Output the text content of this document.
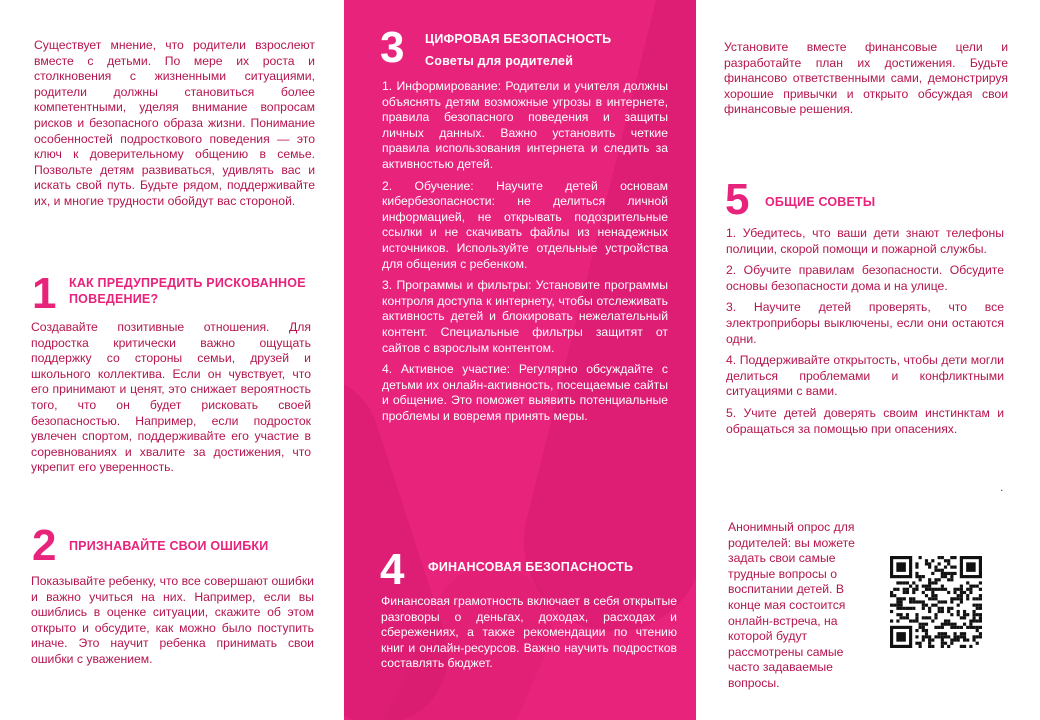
Существует мнение, что родители взрослеют вместе с детьми. По мере их роста и столкновения с жизненными ситуациями, родители должны становиться более компетентными, уделяя внимание вопросам рисков и безопасного образа жизни. Понимание особенностей подросткового поведения — это ключ к доверительному общению в семье. Позвольте детям развиваться, удивлять вас и искать свой путь. Будьте рядом, поддерживайте их, и многие трудности обойдут вас стороной.

1 КАК ПРЕДУПРЕДИТЬ РИСКОВАННОЕ ПОВЕДЕНИЕ?

Создавайте позитивные отношения. Для подростка критически важно ощущать поддержку со стороны семьи, друзей и школьного коллектива. Если он чувствует, что его принимают и ценят, это снижает вероятность того, что он будет рисковать своей безопасностью. Например, если подросток увлечен спортом, поддерживайте его участие в соревнованиях и хвалите за достижения, что укрепит его уверенность.

2 ПРИЗНАВАЙТЕ СВОИ ОШИБКИ

Показывайте ребенку, что все совершают ошибки и важно учиться на них. Например, если вы ошиблись в оценке ситуации, скажите об этом открыто и обсудите, как можно было поступить иначе. Это научит ребенка принимать свои ошибки с уважением.

3 ЦИФРОВАЯ БЕЗОПАСНОСТЬ
Советы для родителей

1. Информирование: Родители и учителя должны объяснять детям возможные угрозы в интернете, правила безопасного поведения и защиты личных данных. Важно установить четкие правила использования интернета и следить за активностью детей.

2. Обучение: Научите детей основам кибербезопасности: не делиться личной информацией, не открывать подозрительные ссылки и не скачивать файлы из ненадежных источников. Используйте отдельные устройства для общения с ребенком.

3. Программы и фильтры: Установите программы контроля доступа к интернету, чтобы отслеживать активность детей и блокировать нежелательный контент. Специальные фильтры защитят от сайтов с взрослым контентом.

4. Активное участие: Регулярно обсуждайте с детьми их онлайн-активность, посещаемые сайты и общение. Это поможет выявить потенциальные проблемы и вовремя принять меры.

4 ФИНАНСОВАЯ БЕЗОПАСНОСТЬ

Финансовая грамотность включает в себя открытые разговоры о деньгах, доходах, расходах и сбережениях, а также рекомендации по чтению книг и онлайн-ресурсов. Важно научить подростков составлять бюджет.

Установите вместе финансовые цели и разработайте план их достижения. Будьте финансово ответственными сами, демонстрируя хорошие привычки и открыто обсуждая свои финансовые решения.

5 ОБЩИЕ СОВЕТЫ

1. Убедитесь, что ваши дети знают телефоны полиции, скорой помощи и пожарной службы.

2. Обучите правилам безопасности. Обсудите основы безопасности дома и на улице.

3. Научите детей проверять, что все электроприборы выключены, если они остаются одни.

4. Поддерживайте открытость, чтобы дети могли делиться проблемами и конфликтными ситуациями с вами.

5. Учите детей доверять своим инстинктам и обращаться за помощью при опасениях.

.

Анонимный опрос для родителей: вы можете задать свои самые трудные вопросы о воспитании детей. В конце мая состоится онлайн-встреча, на которой будут рассмотрены самые часто задаваемые вопросы.
